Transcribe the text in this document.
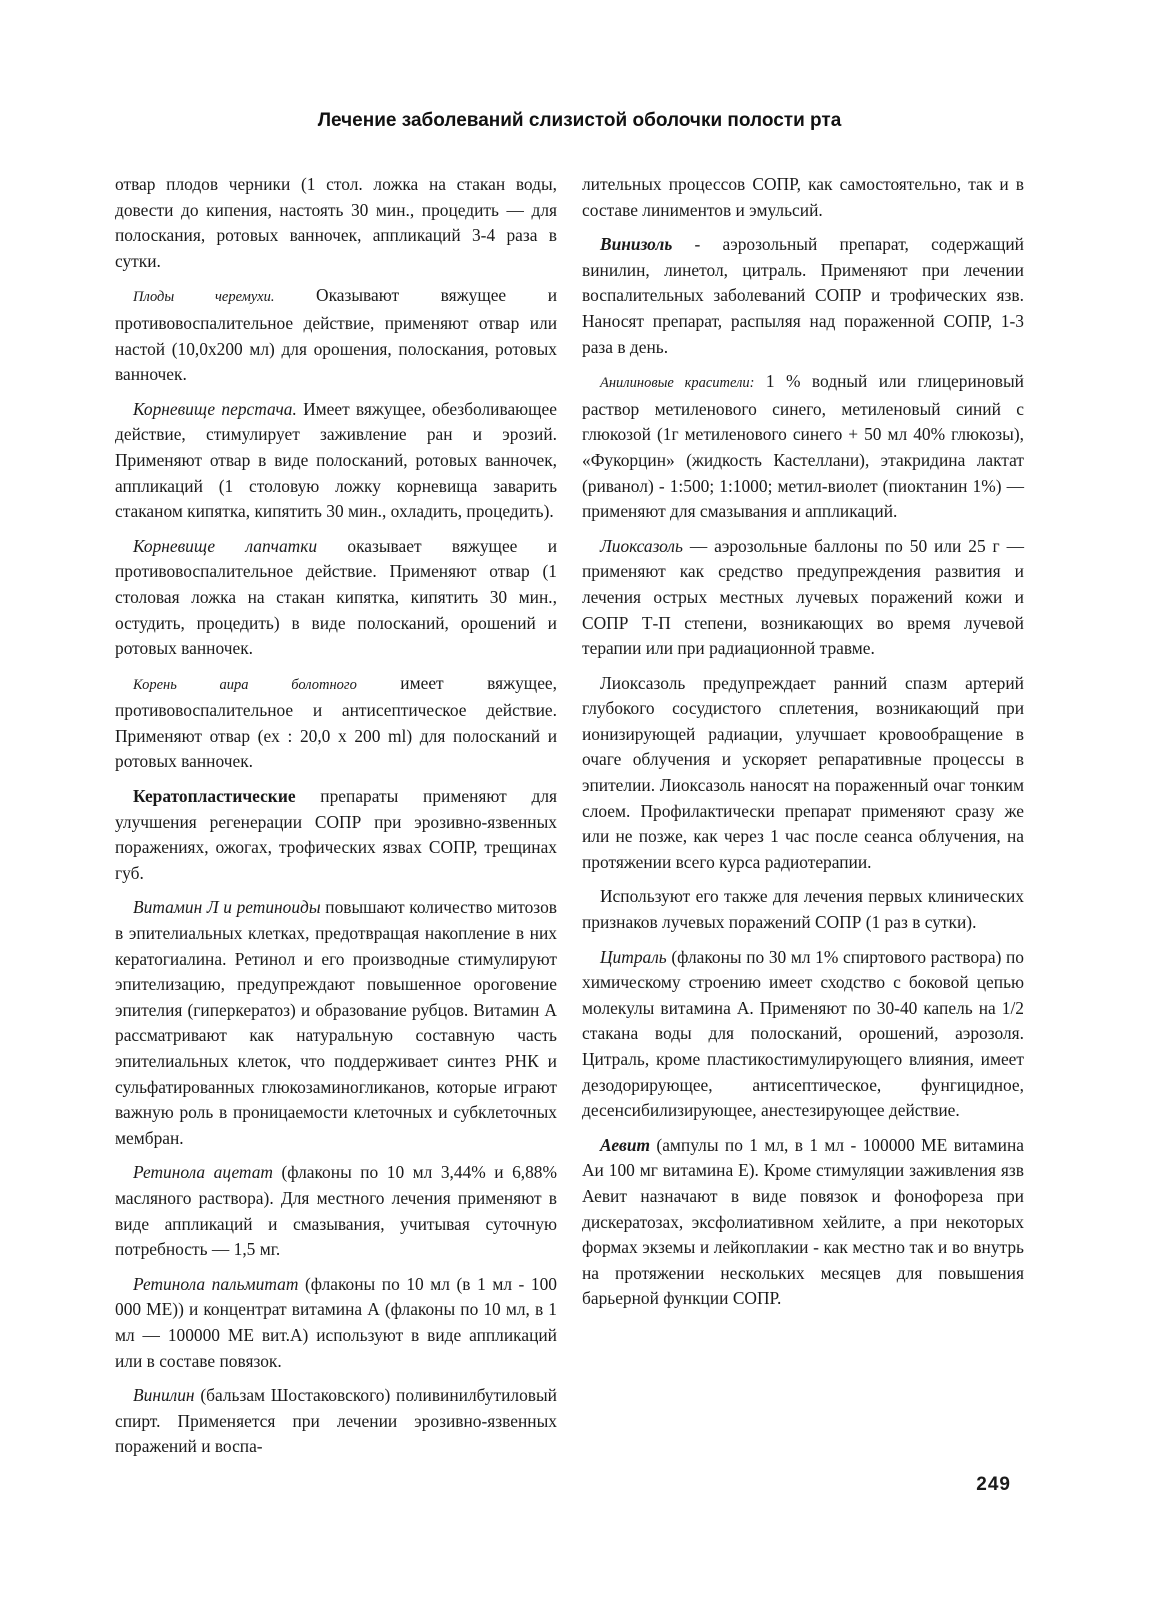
Лечение заболеваний слизистой оболочки полости рта

отвар плодов черники (1 стол. ложка на стакан воды, довести до кипения, настоять 30 мин., процедить — для полоскания, ротовых ванночек, аппликаций 3-4 раза в сутки.

Плоды черемухи. Оказывают вяжущее и противовоспалительное действие, применяют отвар или настой (10,0x200 мл) для орошения, полоскания, ротовых ванночек.

Корневище перстача. Имеет вяжущее, обезболивающее действие, стимулирует заживление ран и эрозий. Применяют отвар в виде полосканий, ротовых ванночек, аппликаций (1 столовую ложку корневища заварить стаканом кипятка, кипятить 30 мин., охладить, процедить).

Корневище лапчатки оказывает вяжущее и противовоспалительное действие. Применяют отвар (1 столовая ложка на стакан кипятка, кипятить 30 мин., остудить, процедить) в виде полосканий, орошений и ротовых ванночек.

Корень аира болотного имеет вяжущее, противовоспалительное и антисептическое действие. Применяют отвар (ex : 20,0 x 200 ml) для полосканий и ротовых ванночек.

Кератопластические препараты применяют для улучшения регенерации СОПР при эрозивно-язвенных поражениях, ожогах, трофических язвах СОПР, трещинах губ.

Витамин Л и ретиноиды повышают количество митозов в эпителиальных клетках, предотвращая накопление в них кератогиалина. Ретинол и его производные стимулируют эпителизацию, предупреждают повышенное ороговение эпителия (гиперкератоз) и образование рубцов. Витамин А рассматривают как натуральную составную часть эпителиальных клеток, что поддерживает синтез РНК и сульфатированных глюкозаминогликанов, которые играют важную роль в проницаемости клеточных и субклеточных мембран.

Ретинола ацетат (флаконы по 10 мл 3,44% и 6,88% масляного раствора). Для местного лечения применяют в виде аппликаций и смазывания, учитывая суточную потребность — 1,5 мг.

Ретинола пальмитат (флаконы по 10 мл (в 1 мл - 100 000 ME)) и концентрат витамина А (флаконы по 10 мл, в 1 мл — 100000 ME вит.А) используют в виде аппликаций или в составе повязок.

Винилин (бальзам Шостаковского) поливинилбутиловый спирт. Применяется при лечении эрозивно-язвенных поражений и воспа-

лительных процессов СОПР, как самостоятельно, так и в составе линиментов и эмульсий.

Винизоль - аэрозольный препарат, содержащий винилин, линетол, цитраль. Применяют при лечении воспалительных заболеваний СОПР и трофических язв. Наносят препарат, распыляя над пораженной СОПР, 1-3 раза в день.

Анилиновые красители: 1 % водный или глицериновый раствор метиленового синего, метиленовый синий с глюкозой (1г метиленового синего + 50 мл 40% глюкозы), «Фукорцин» (жидкость Кастеллани), этакридина лактат (риванол) - 1:500; 1:1000; метил-виолет (пиоктанин 1%) — применяют для смазывания и аппликаций.

Лиоксазоль — аэрозольные баллоны по 50 или 25 г — применяют как средство предупреждения развития и лечения острых местных лучевых поражений кожи и СОПР Т-П степени, возникающих во время лучевой терапии или при радиационной травме.

Лиоксазоль предупреждает ранний спазм артерий глубокого сосудистого сплетения, возникающий при ионизирующей радиации, улучшает кровообращение в очаге облучения и ускоряет репаративные процессы в эпителии. Лиоксазоль наносят на пораженный очаг тонким слоем. Профилактически препарат применяют сразу же или не позже, как через 1 час после сеанса облучения, на протяжении всего курса радиотерапии.

Используют его также для лечения первых клинических признаков лучевых поражений СОПР (1 раз в сутки).

Цитраль (флаконы по 30 мл 1% спиртового раствора) по химическому строению имеет сходство с боковой цепью молекулы витамина А. Применяют по 30-40 капель на 1/2 стакана воды для полосканий, орошений, аэрозоля. Цитраль, кроме пластикостимулирующего влияния, имеет дезодорирующее, антисептическое, фунгицидное, десенсибилизирующее, анестезирующее действие.

Аевит (ампулы по 1 мл, в 1 мл - 100000 ME витамина Аи 100 мг витамина Е). Кроме стимуляции заживления язв Аевит назначают в виде повязок и фонофореза при дискератозах, эксфолиативном хейлите, а при некоторых формах экземы и лейкоплакии - как местно так и во внутрь на протяжении нескольких месяцев для повышения барьерной функции СОПР.

249
